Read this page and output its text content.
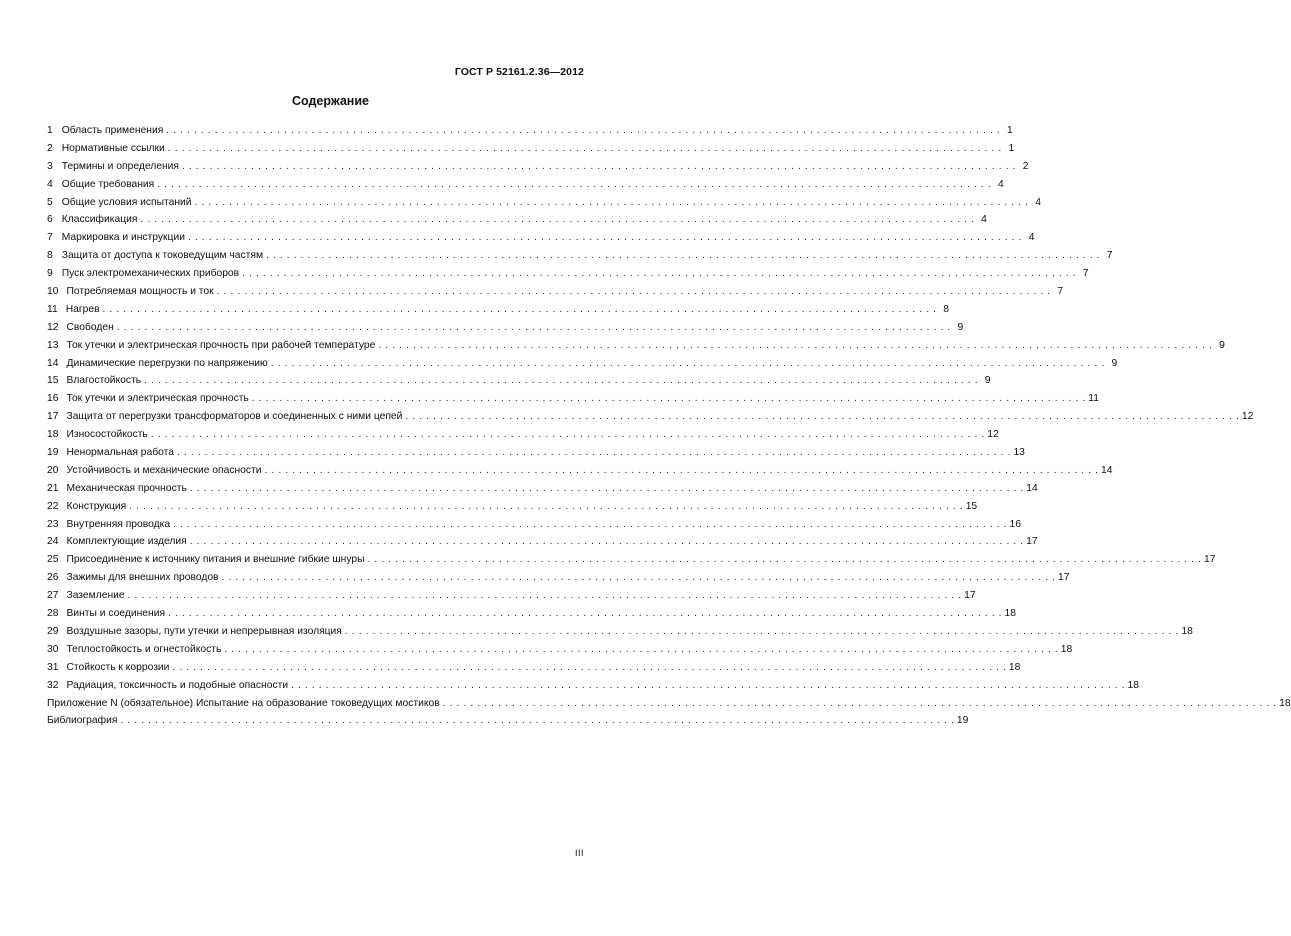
ГОСТ Р 52161.2.36—2012
Содержание
1 Область применения . . .	1
2 Нормативные ссылки . . .	1
3 Термины и определения . . .	2
4 Общие требования . . .	4
5 Общие условия испытаний . . .	4
6 Классификация . . .	4
7 Маркировка и инструкции . . .	4
8 Защита от доступа к токоведущим частям . . .	7
9 Пуск электромеханических приборов . . .	7
10 Потребляемая мощность и ток . . .	7
11 Нагрев . . .	8
12 Свободен . . .	9
13 Ток утечки и электрическая прочность при рабочей температуре . . .	9
14 Динамические перегрузки по напряжению . . .	9
15 Влагостойкость . . .	9
16 Ток утечки и электрическая прочность . . .	11
17 Защита от перегрузки трансформаторов и соединенных с ними цепей . . .	12
18 Износостойкость . . .	12
19 Ненормальная работа . . .	13
20 Устойчивость и механические опасности . . .	14
21 Механическая прочность . . .	14
22 Конструкция . . .	15
23 Внутренняя проводка . . .	16
24 Комплектующие изделия . . .	17
25 Присоединение к источнику питания и внешние гибкие шнуры . . .	17
26 Зажимы для внешних проводов . . .	17
27 Заземление . . .	17
28 Винты и соединения . . .	18
29 Воздушные зазоры, пути утечки и непрерывная изоляция . . .	18
30 Теплостойкость и огнестойкость . . .	18
31 Стойкость к коррозии . . .	18
32 Радиация, токсичность и подобные опасности . . .	18
Приложение N (обязательное) Испытание на образование токоведущих мостиков . . .	18
Библиография . . .	19
III
